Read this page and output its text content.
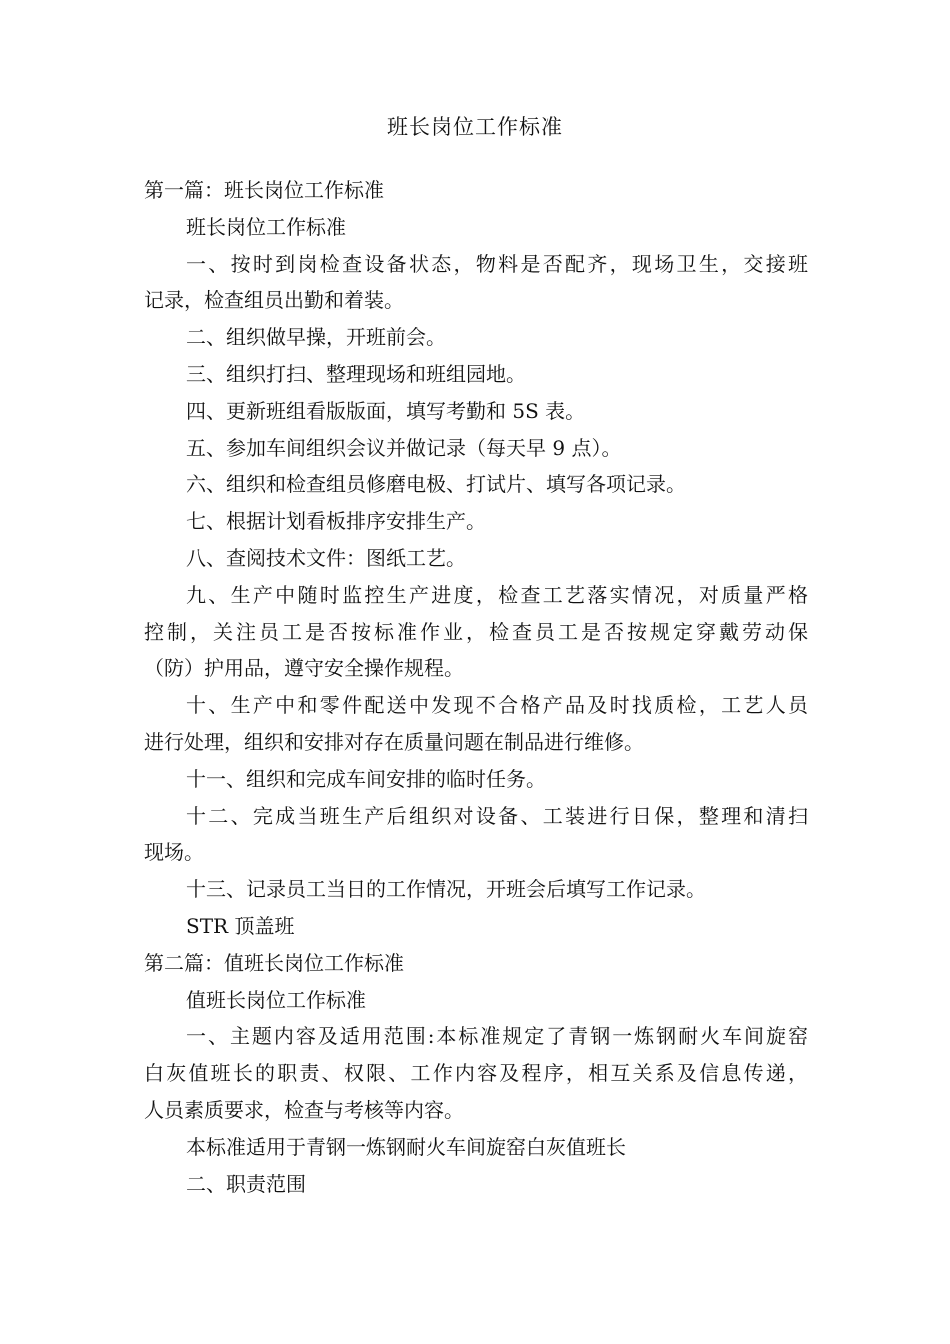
班长岗位工作标准

第一篇：班长岗位工作标准

班长岗位工作标准

一、按时到岗检查设备状态，物料是否配齐，现场卫生，交接班

记录，检查组员出勤和着装。

二、组织做早操，开班前会。

三、组织打扫、整理现场和班组园地。

四、更新班组看版版面，填写考勤和 5S 表。

五、参加车间组织会议并做记录（每天早 9 点）。

六、组织和检查组员修磨电极、打试片、填写各项记录。

七、根据计划看板排序安排生产。

八、查阅技术文件：图纸工艺。

九、生产中随时监控生产进度，检查工艺落实情况，对质量严格

控制，关注员工是否按标准作业，检查员工是否按规定穿戴劳动保

（防）护用品，遵守安全操作规程。

十、生产中和零件配送中发现不合格产品及时找质检，工艺人员

进行处理，组织和安排对存在质量问题在制品进行维修。

十一、组织和完成车间安排的临时任务。

十二、完成当班生产后组织对设备、工装进行日保，整理和清扫

现场。

十三、记录员工当日的工作情况，开班会后填写工作记录。

STR 顶盖班

第二篇：值班长岗位工作标准

值班长岗位工作标准

一、主题内容及适用范围:本标准规定了青钢一炼钢耐火车间旋窑

白灰值班长的职责、权限、工作内容及程序，相互关系及信息传递，

人员素质要求，检查与考核等内容。

本标准适用于青钢一炼钢耐火车间旋窑白灰值班长

二、职责范围
